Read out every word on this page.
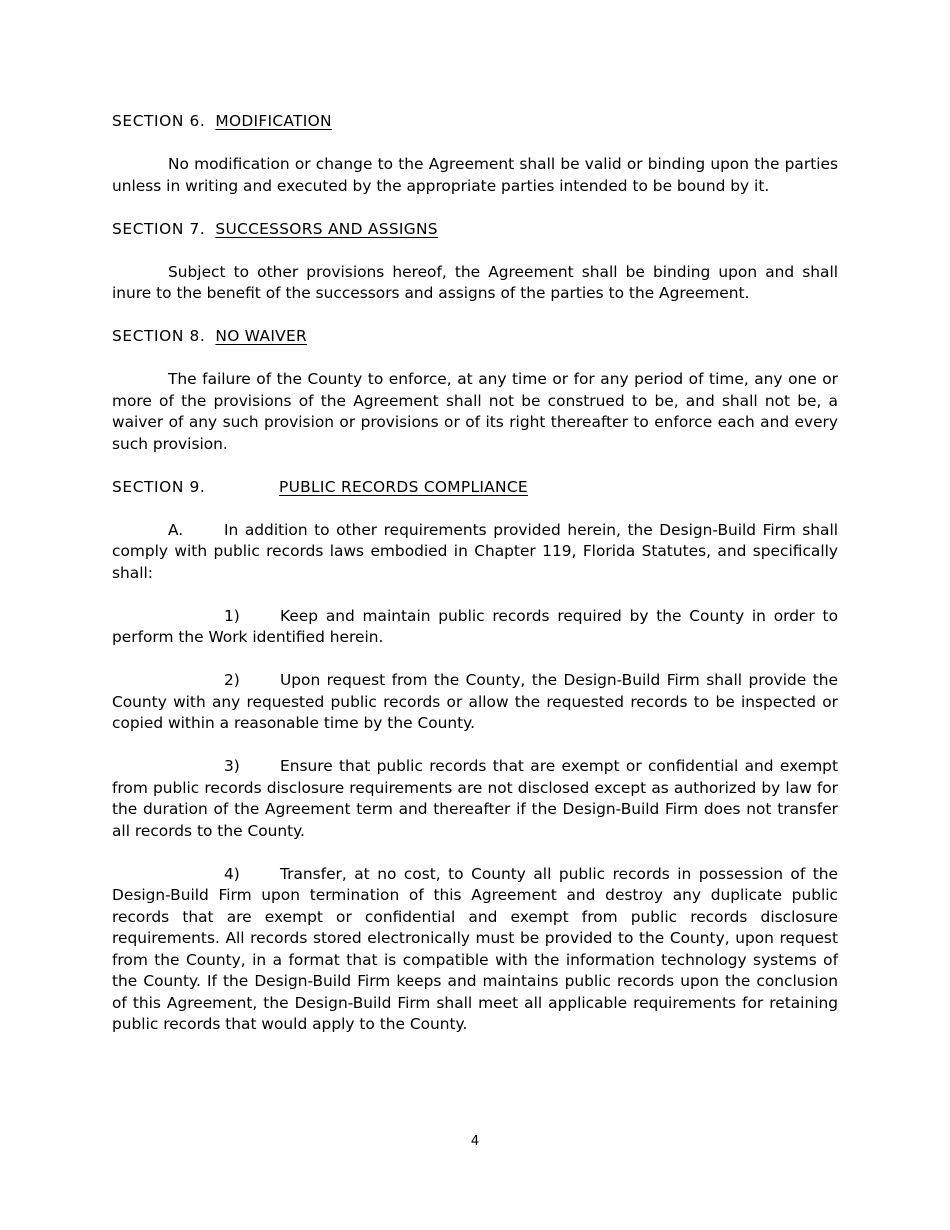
SECTION 6. MODIFICATION

No modification or change to the Agreement shall be valid or binding upon the parties unless in writing and executed by the appropriate parties intended to be bound by it.

SECTION 7. SUCCESSORS AND ASSIGNS

Subject to other provisions hereof, the Agreement shall be binding upon and shall inure to the benefit of the successors and assigns of the parties to the Agreement.

SECTION 8. NO WAIVER

The failure of the County to enforce, at any time or for any period of time, any one or more of the provisions of the Agreement shall not be construed to be, and shall not be, a waiver of any such provision or provisions or of its right thereafter to enforce each and every such provision.

SECTION 9.	PUBLIC RECORDS COMPLIANCE

A.	In addition to other requirements provided herein, the Design-Build Firm shall comply with public records laws embodied in Chapter 119, Florida Statutes, and specifically shall:

1)	Keep and maintain public records required by the County in order to perform the Work identified herein.

2)	Upon request from the County, the Design-Build Firm shall provide the County with any requested public records or allow the requested records to be inspected or copied within a reasonable time by the County.

3)	Ensure that public records that are exempt or confidential and exempt from public records disclosure requirements are not disclosed except as authorized by law for the duration of the Agreement term and thereafter if the Design-Build Firm does not transfer all records to the County.

4)	Transfer, at no cost, to County all public records in possession of the Design-Build Firm upon termination of this Agreement and destroy any duplicate public records that are exempt or confidential and exempt from public records disclosure requirements. All records stored electronically must be provided to the County, upon request from the County, in a format that is compatible with the information technology systems of the County. If the Design-Build Firm keeps and maintains public records upon the conclusion of this Agreement, the Design-Build Firm shall meet all applicable requirements for retaining public records that would apply to the County.

4
